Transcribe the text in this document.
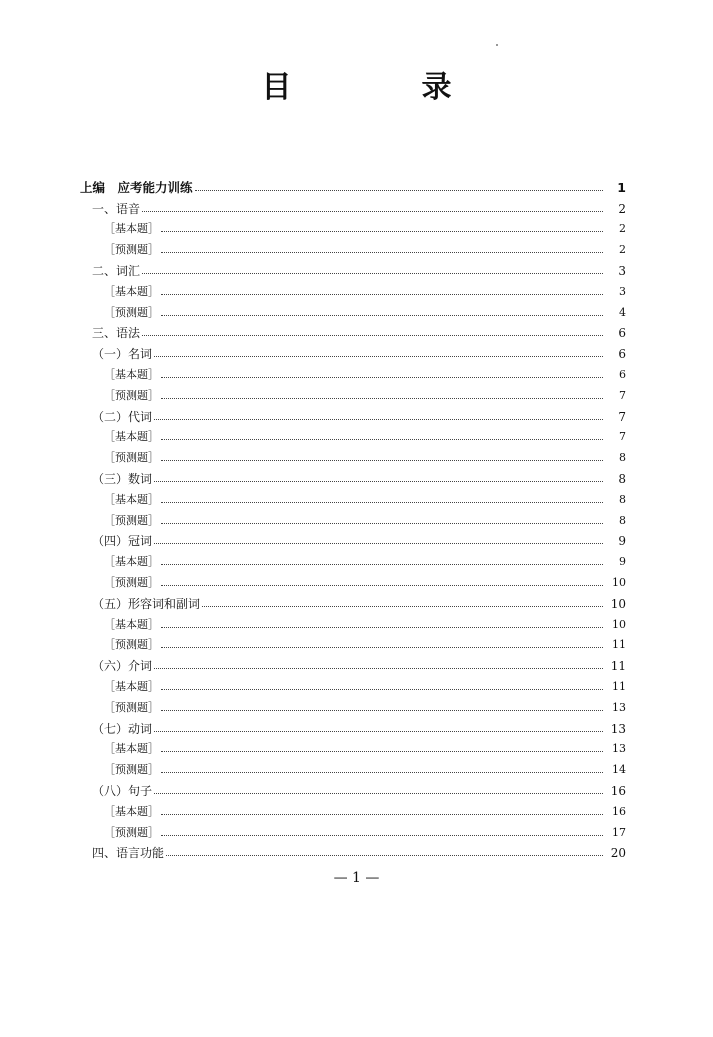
目　录
上编　应考能力训练	1
一、语音	2
［基本题］	2
［预测题］	2
二、词汇	3
［基本题］	3
［预测题］	4
三、语法	6
（一）名词	6
［基本题］	6
［预测题］	7
（二）代词	7
［基本题］	7
［预测题］	8
（三）数词	8
［基本题］	8
［预测题］	8
（四）冠词	9
［基本题］	9
［预测题］	10
（五）形容词和副词	10
［基本题］	10
［预测题］	11
（六）介词	11
［基本题］	11
［预测题］	13
（七）动词	13
［基本题］	13
［预测题］	14
（八）句子	16
［基本题］	16
［预测题］	17
四、语言功能	20
— 1 —
